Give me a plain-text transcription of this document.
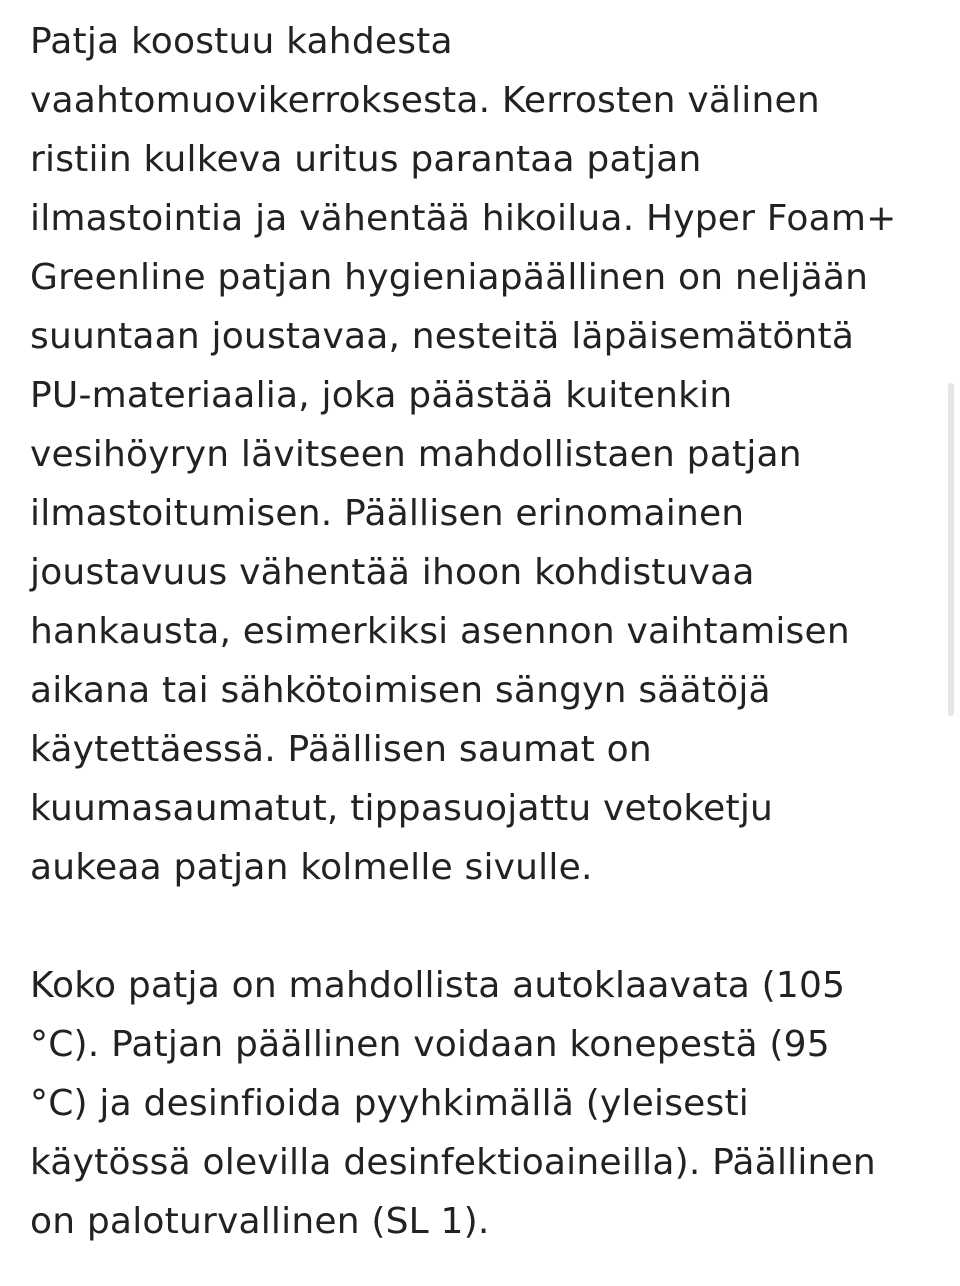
Patja koostuu kahdesta
vaahtomuovikerroksesta. Kerrosten välinen
ristiin kulkeva uritus parantaa patjan
ilmastointia ja vähentää hikoilua. Hyper Foam+
Greenline patjan hygieniapäällinen on neljään
suuntaan joustavaa, nesteitä läpäisemätöntä
PU-materiaalia, joka päästää kuitenkin
vesihöyryn lävitseen mahdollistaen patjan
ilmastoitumisen. Päällisen erinomainen
joustavuus vähentää ihoon kohdistuvaa
hankausta, esimerkiksi asennon vaihtamisen
aikana tai sähkötoimisen sängyn säätöjä
käytettäessä. Päällisen saumat on
kuumasaumatut, tippasuojattu vetoketju
aukeaa patjan kolmelle sivulle.

Koko patja on mahdollista autoklaavata (105
°C). Patjan päällinen voidaan konepestä (95
°C) ja desinfioida pyyhkimällä (yleisesti
käytössä olevilla desinfektioaineilla). Päällinen
on paloturvallinen (SL 1).
